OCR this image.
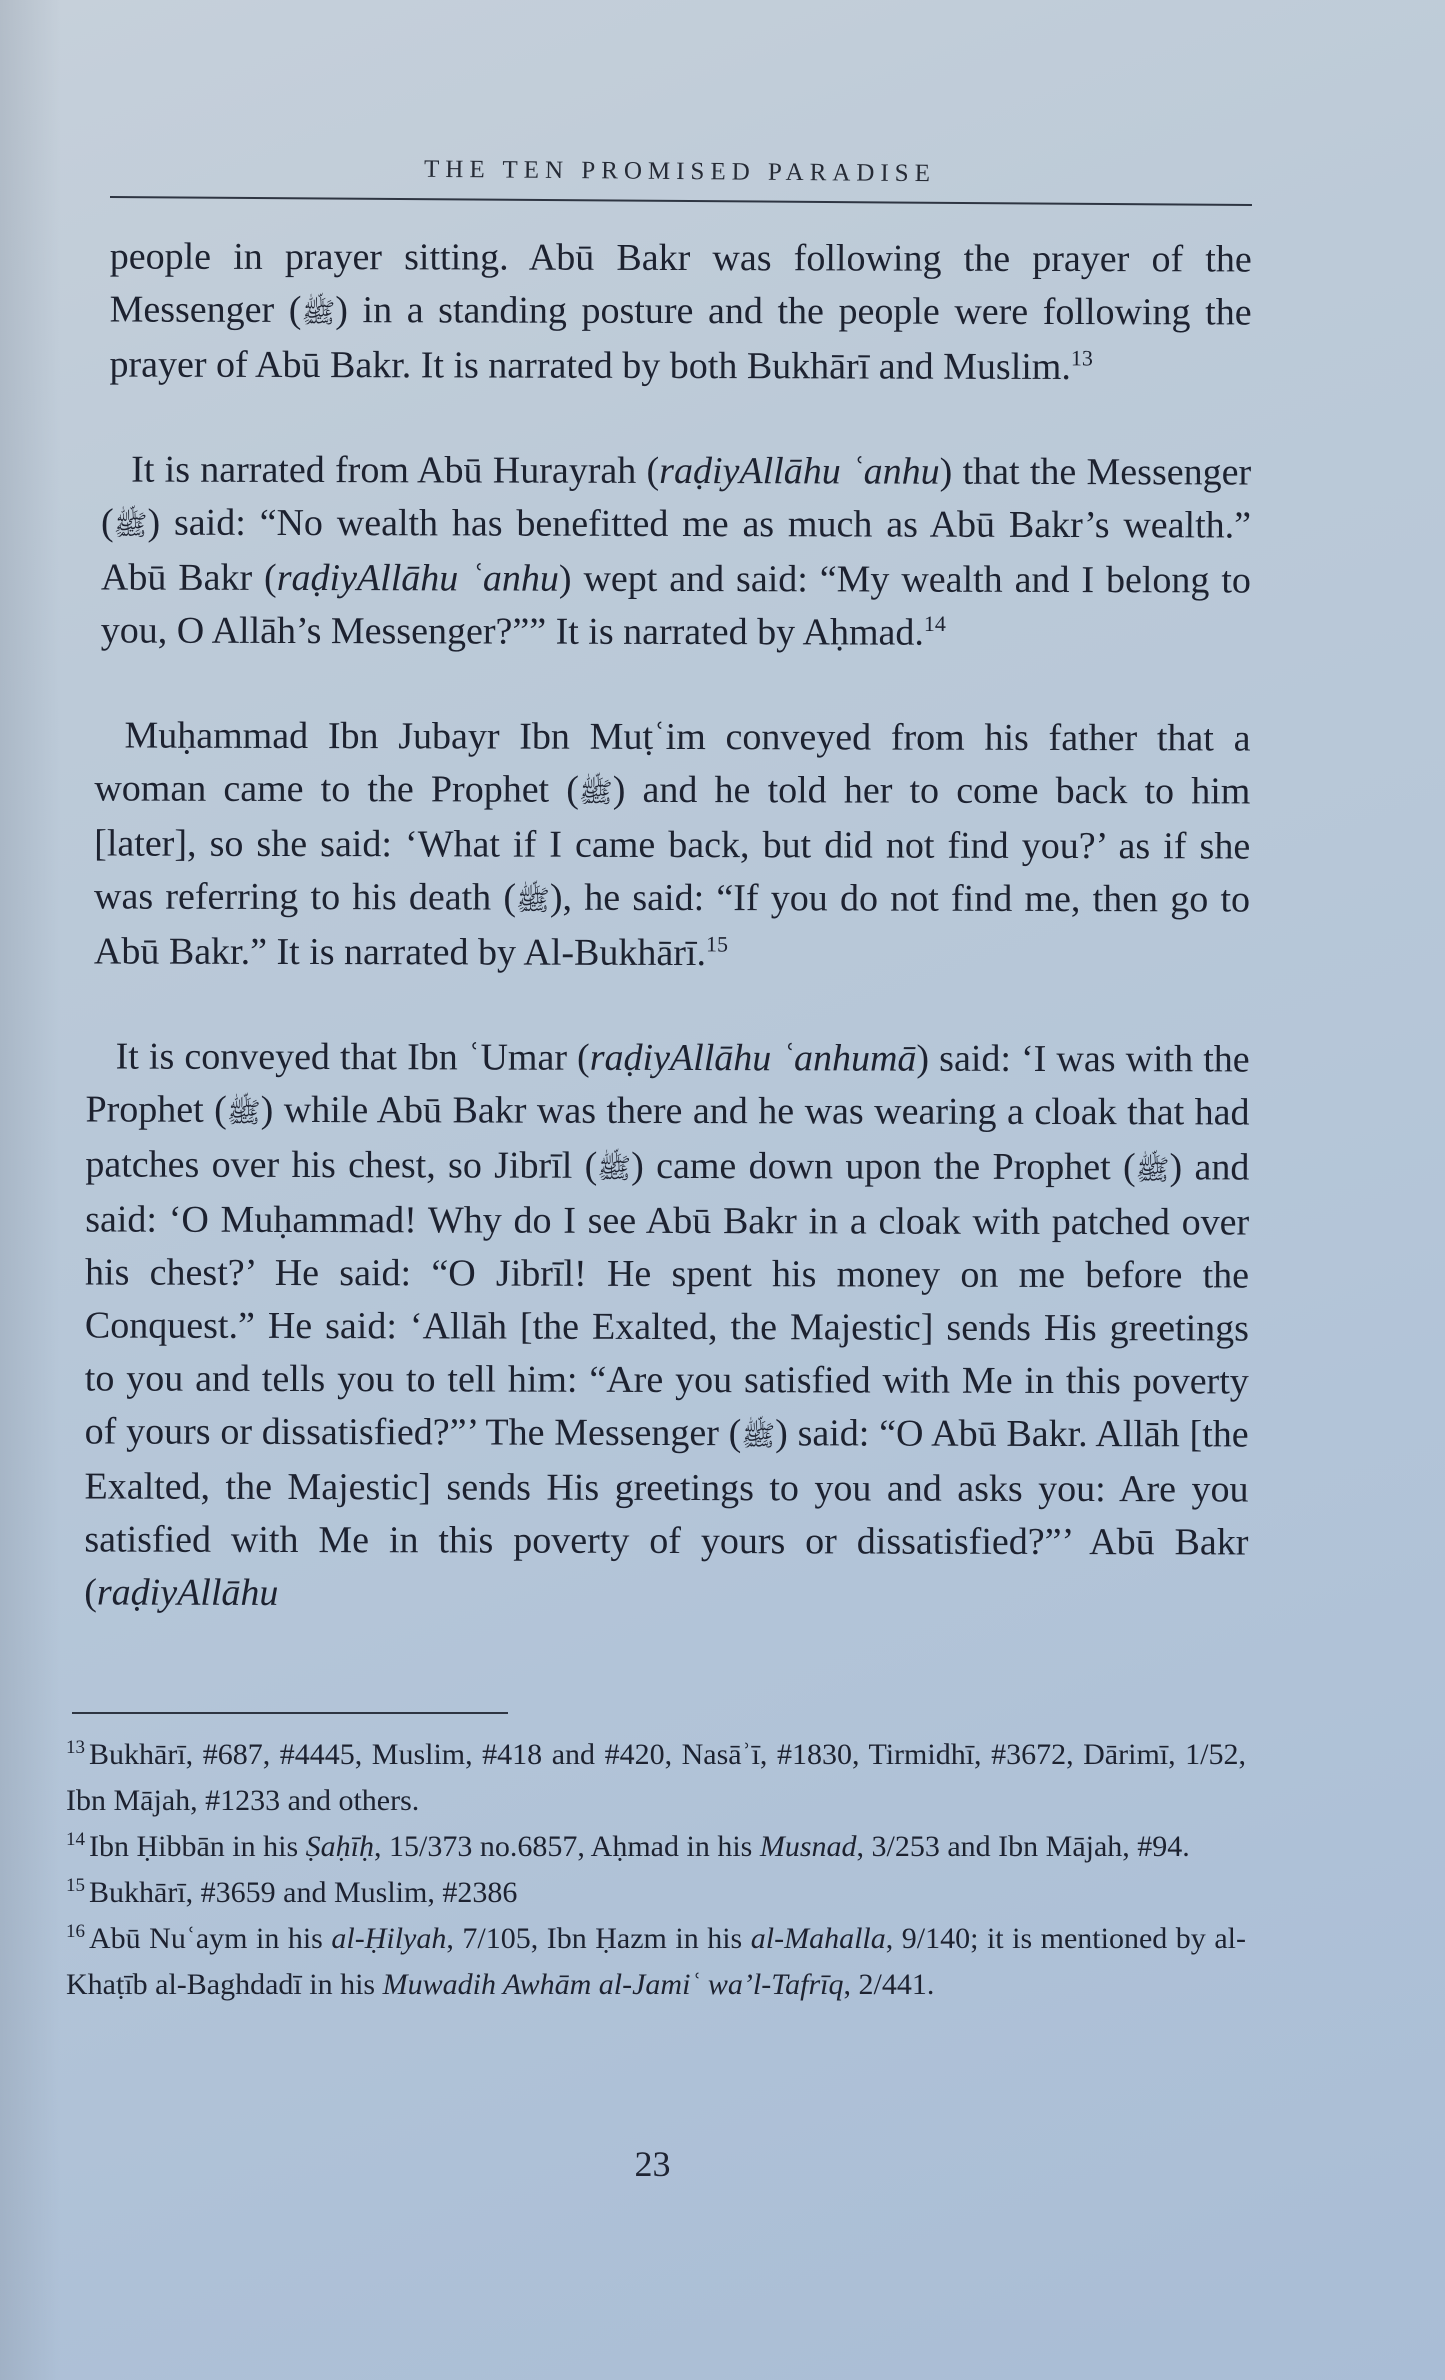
THE TEN PROMISED PARADISE

people in prayer sitting. Abū Bakr was following the prayer of the Messenger (ﷺ) in a standing posture and the people were following the prayer of Abū Bakr. It is narrated by both Bukhārī and Muslim.$^{13}$

It is narrated from Abū Hurayrah (raḍiyAllāhu ʿanhu) that the Messenger (ﷺ) said: “No wealth has benefitted me as much as Abū Bakr’s wealth.” Abū Bakr (raḍiyAllāhu ʿanhu) wept and said: “My wealth and I belong to you, O Allāh’s Messenger?”” It is narrated by Aḥmad.$^{14}$

Muḥammad Ibn Jubayr Ibn Muṭʿim conveyed from his father that a woman came to the Prophet (ﷺ) and he told her to come back to him [later], so she said: ‘What if I came back, but did not find you?’ as if she was referring to his death (ﷺ), he said: “If you do not find me, then go to Abū Bakr.” It is narrated by Al-Bukhārī.$^{15}$

It is conveyed that Ibn ʿUmar (raḍiyAllāhu ʿanhumā) said: ‘I was with the Prophet (ﷺ) while Abū Bakr was there and he was wearing a cloak that had patches over his chest, so Jibrīl (ﷺ) came down upon the Prophet (ﷺ) and said: ‘O Muḥammad! Why do I see Abū Bakr in a cloak with patched over his chest?’ He said: “O Jibrīl! He spent his money on me before the Conquest.” He said: ‘Allāh [the Exalted, the Majestic] sends His greetings to you and tells you to tell him: “Are you satisfied with Me in this poverty of yours or dissatisfied?”’ The Messenger (ﷺ) said: “O Abū Bakr. Allāh [the Exalted, the Majestic] sends His greetings to you and asks you: Are you satisfied with Me in this poverty of yours or dissatisfied?”’ Abū Bakr (raḍiyAllāhu

$^{13}$ Bukhārī, #687, #4445, Muslim, #418 and #420, Nasāʾī, #1830, Tirmidhī, #3672, Dārimī, 1/52, Ibn Mājah, #1233 and others.

$^{14}$ Ibn Ḥibbān in his Ṣaḥīḥ, 15/373 no.6857, Aḥmad in his Musnad, 3/253 and Ibn Mājah, #94.

$^{15}$ Bukhārī, #3659 and Muslim, #2386

$^{16}$ Abū Nuʿaym in his al-Ḥilyah, 7/105, Ibn Ḥazm in his al-Mahalla, 9/140; it is mentioned by al-Khaṭīb al-Baghdadī in his Muwadih Awhām al-Jamiʿ wa’l-Tafrīq, 2/441.

23
